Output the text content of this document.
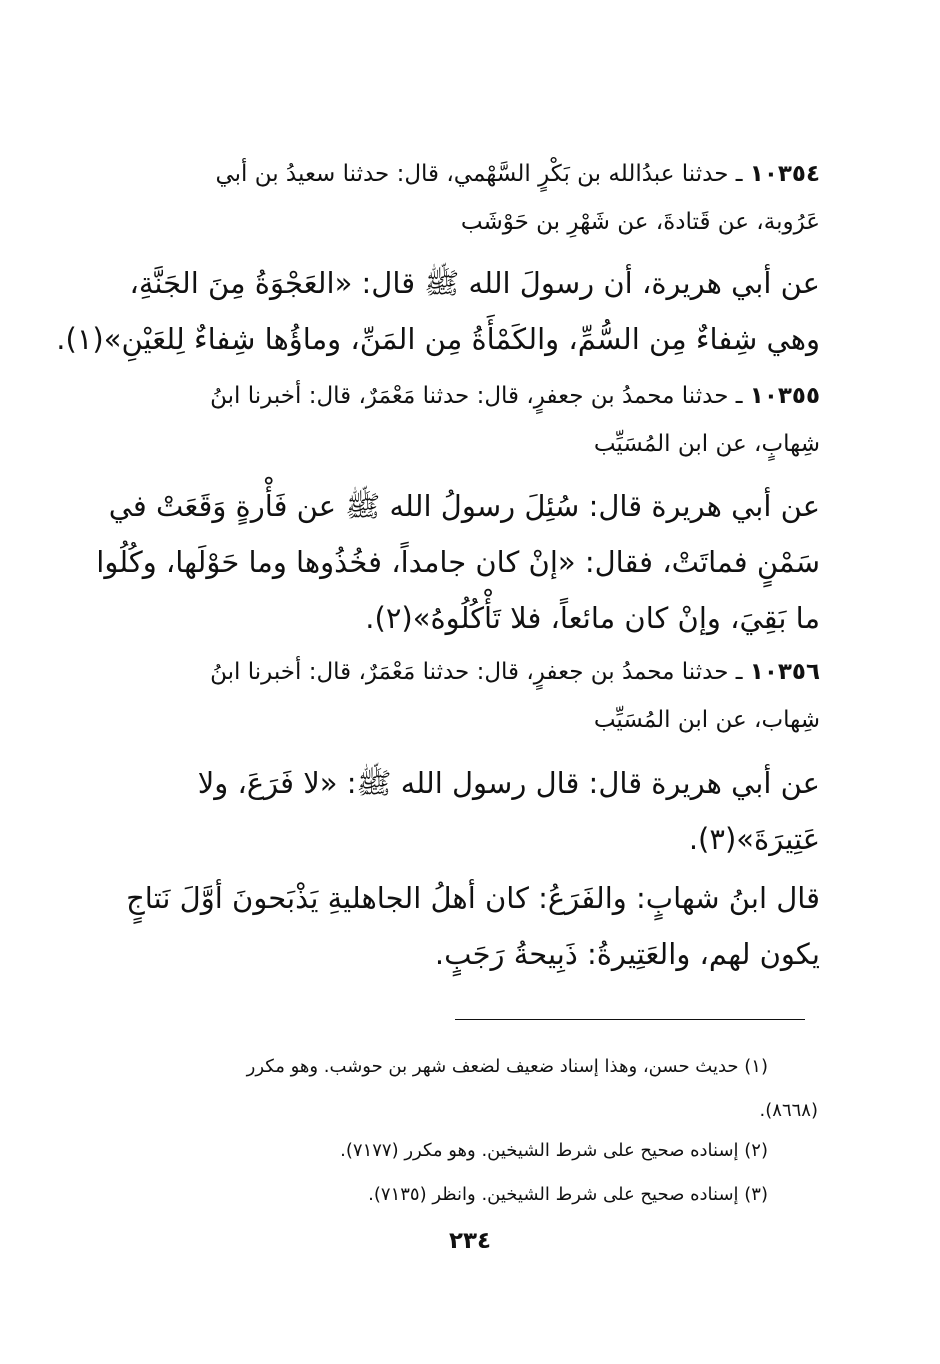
١٠٣٥٤ ـ حدثنا عبدُالله بن بَكْرٍ السَّهْمي، قال: حدثنا سعيدُ بن أبي
عَرُوبة، عن قَتادةَ، عن شَهْرِ بن حَوْشَب
عن أبي هريرة، أن رسولَ الله ﷺ قال: «العَجْوَةُ مِنَ الجَنَّةِ،
وهي شِفاءٌ مِن السُّمِّ، والكَمْأَةُ مِن المَنِّ، وماؤُها شِفاءٌ لِلعَيْنِ»(١).
١٠٣٥٥ ـ حدثنا محمدُ بن جعفرٍ، قال: حدثنا مَعْمَرٌ، قال: أخبرنا ابنُ
شِهابٍ، عن ابن المُسَيِّب
عن أبي هريرة قال: سُئِلَ رسولُ الله ﷺ عن فَأْرةٍ وَقَعَتْ في
سَمْنٍ فماتَتْ، فقال: «إنْ كان جامداً، فخُذُوها وما حَوْلَها، وكُلُوا
ما بَقِيَ، وإنْ كان مائعاً، فلا تَأْكُلُوهُ»(٢).
١٠٣٥٦ ـ حدثنا محمدُ بن جعفرٍ، قال: حدثنا مَعْمَرٌ، قال: أخبرنا ابنُ
شِهاب، عن ابن المُسَيِّب
عن أبي هريرة قال: قال رسول الله ﷺ: «لا فَرَعَ، ولا
عَتِيرَةَ»(٣).
قال ابنُ شهابٍ: والفَرَعُ: كان أهلُ الجاهليةِ يَذْبَحونَ أوَّلَ نَتاجٍ
يكون لهم، والعَتِيرةُ: ذَبِيحةُ رَجَبٍ.
(١) حديث حسن، وهذا إسناد ضعيف لضعف شهر بن حوشب. وهو مكرر
(٨٦٦٨).
(٢) إسناده صحيح على شرط الشيخين. وهو مكرر (٧١٧٧).
(٣) إسناده صحيح على شرط الشيخين. وانظر (٧١٣٥).
٢٣٤
